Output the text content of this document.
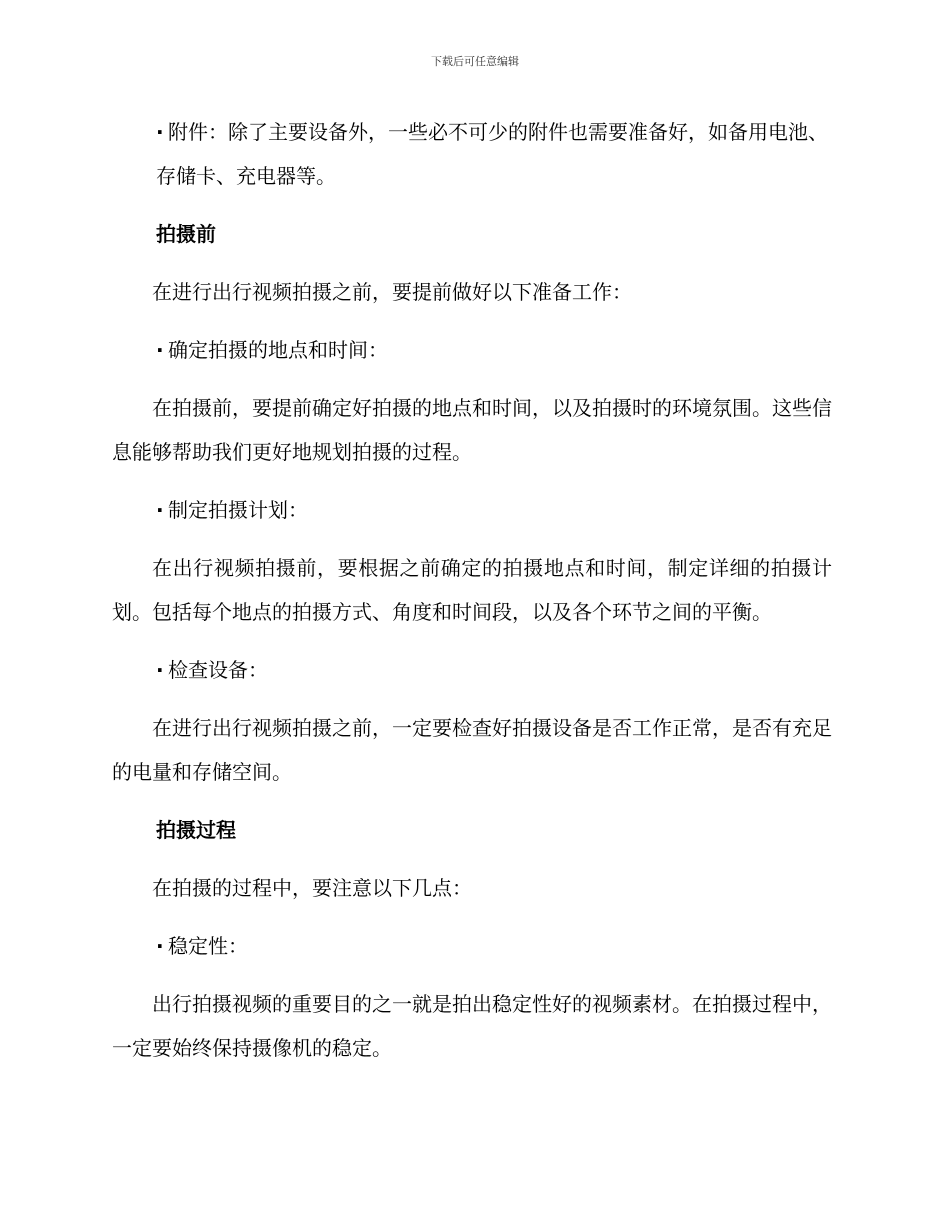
下载后可任意编辑
· 附件：除了主要设备外，一些必不可少的附件也需要准备好，如备用电池、存储卡、充电器等。
拍摄前
在进行出行视频拍摄之前，要提前做好以下准备工作：
· 确定拍摄的地点和时间：
在拍摄前，要提前确定好拍摄的地点和时间，以及拍摄时的环境氛围。这些信息能够帮助我们更好地规划拍摄的过程。
· 制定拍摄计划：
在出行视频拍摄前，要根据之前确定的拍摄地点和时间，制定详细的拍摄计划。包括每个地点的拍摄方式、角度和时间段，以及各个环节之间的平衡。
· 检查设备：
在进行出行视频拍摄之前，一定要检查好拍摄设备是否工作正常，是否有充足的电量和存储空间。
拍摄过程
在拍摄的过程中，要注意以下几点：
· 稳定性：
出行拍摄视频的重要目的之一就是拍出稳定性好的视频素材。在拍摄过程中，一定要始终保持摄像机的稳定。
